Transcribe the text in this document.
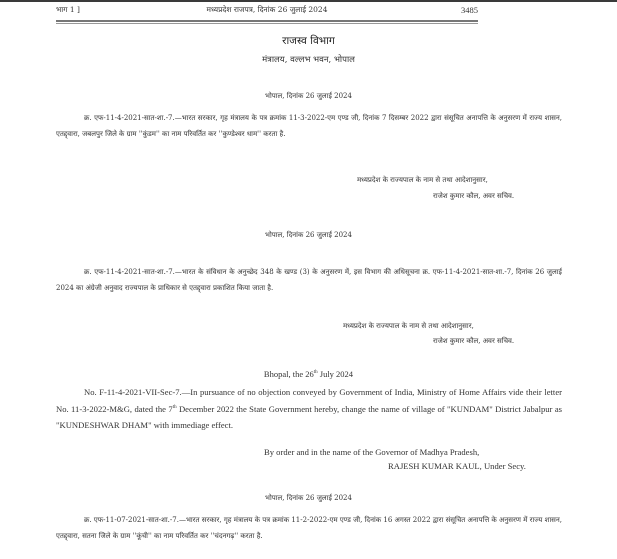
भाग 1 ]	मध्यप्रदेश राजपत्र, दिनांक 26 जुलाई 2024	3485
राजस्व विभाग
मंत्रालय, वल्लभ भवन, भोपाल
भोपाल, दिनांक 26 जुलाई 2024
क्र. एफ-11-4-2021-सात-शा.-7.—भारत सरकार, गृह मंत्रालय के पत्र क्रमांक 11-3-2022-एम एण्ड जी, दिनांक 7 दिसम्बर 2022 द्वारा संसूचित अनापत्ति के अनुसरण में राज्य शासन, एतद्द्वारा, जबलपुर जिले के ग्राम ''कुंडम'' का नाम परिवर्तित कर ''कुण्डेश्वर धाम'' करता है.
मध्यप्रदेश के राज्यपाल के नाम से तथा आदेशानुसार,
राजेश कुमार कौल, अवर सचिव.
भोपाल, दिनांक 26 जुलाई 2024
क्र. एफ-11-4-2021-सात-शा.-7.—भारत के संविधान के अनुच्छेद 348 के खण्ड (3) के अनुसरण में, इस विभाग की अधिसूचना क्र. एफ-11-4-2021-सात-शा.-7, दिनांक 26 जुलाई 2024 का अंग्रेजी अनुवाद राज्यपाल के प्राधिकार से एतद्द्वारा प्रकाशित किया जाता है.
मध्यप्रदेश के राज्यपाल के नाम से तथा आदेशानुसार,
राजेश कुमार कौल, अवर सचिव.
Bhopal, the 26th July 2024
No. F-11-4-2021-VII-Sec-7.—In pursuance of no objection conveyed by Government of India, Ministry of Home Affairs vide their letter No. 11-3-2022-M&G, dated the 7th December 2022 the State Government hereby, change the name of village of "KUNDAM" District Jabalpur as "KUNDESHWAR DHAM" with immediage effect.
By order and in the name of the Governor of Madhya Pradesh,
RAJESH KUMAR KAUL, Under Secy.
भोपाल, दिनांक 26 जुलाई 2024
क्र. एफ-11-07-2021-सात-शा.-7.—भारत सरकार, गृह मंत्रालय के पत्र क्रमांक 11-2-2022-एम एण्ड जी, दिनांक 16 अगस्त 2022 द्वारा संसूचित अनापत्ति के अनुसरण में राज्य शासन, एतद्द्वारा, सतना जिले के ग्राम ''कूंची'' का नाम परिवर्तित कर ''चंदनगढ़'' करता है.
